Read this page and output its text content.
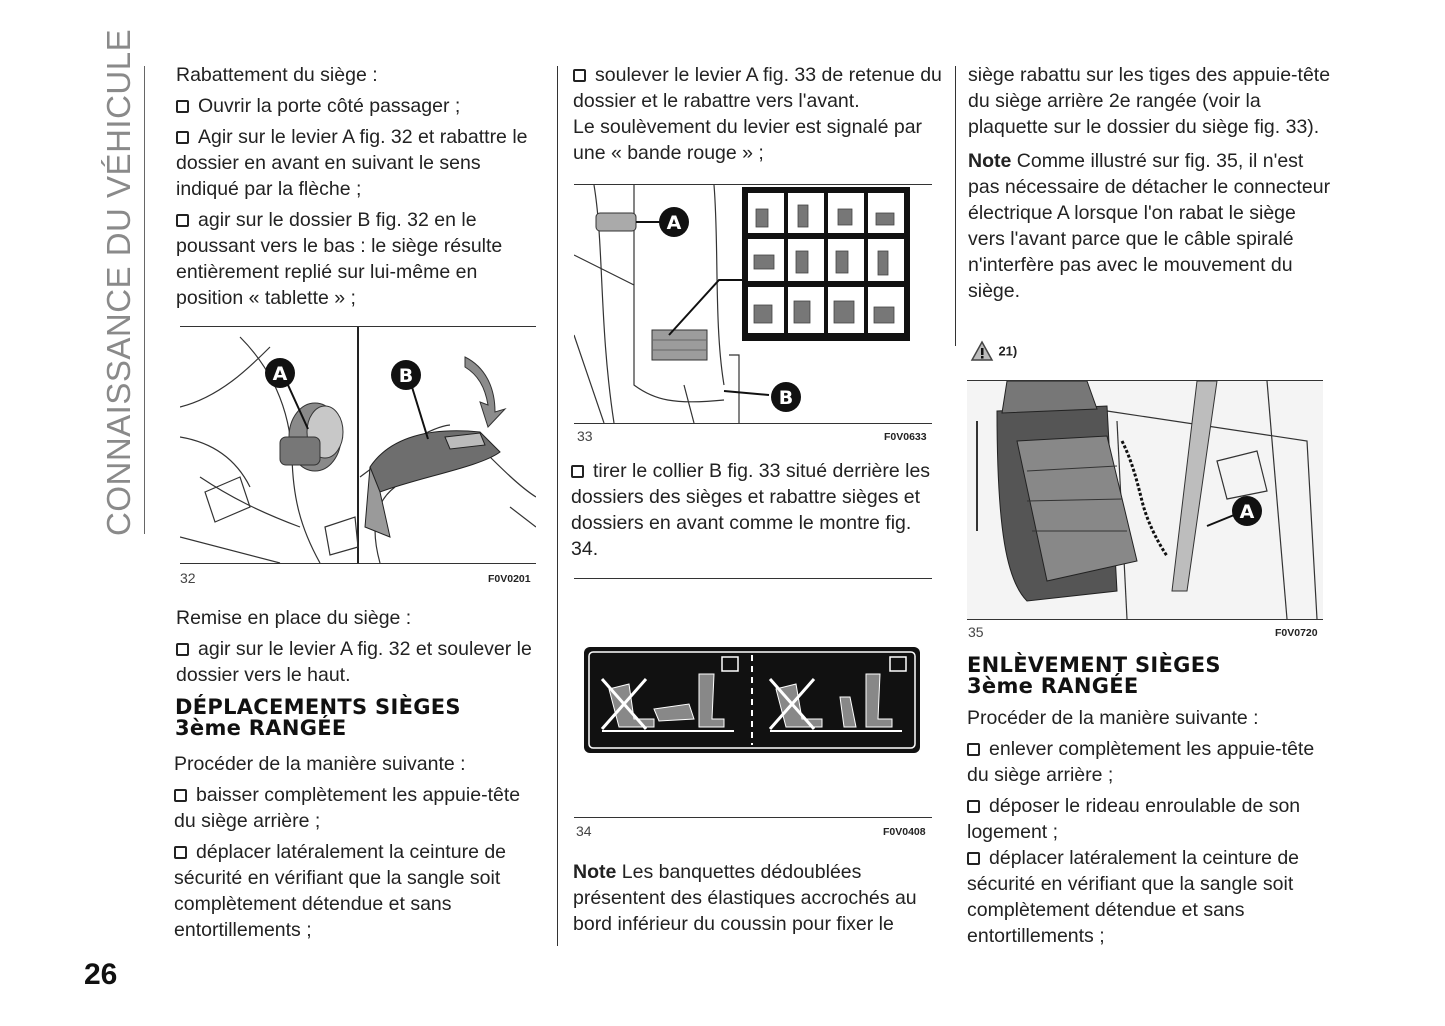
CONNAISSANCE DU VÉHICULE Rabattement du siège :

Ouvrir la porte côté passager ;

Agir sur le levier A fig. 32 et rabattre le dossier en avant en suivant le sens indiqué par la flèche ;

agir sur le dossier B fig. 32 en le poussant vers le bas : le siège résulte entièrement replié sur lui-même en position « tablette » ;

A	B
32	F0V0201

Remise en place du siège :

agir sur le levier A fig. 32 et soulever le dossier vers le haut.

DÉPLACEMENTS SIÈGES
3ème RANGÉE

Procéder de la manière suivante :

baisser complètement les appuie-tête du siège arrière ;

déplacer latéralement la ceinture de sécurité en vérifiant que la sangle soit complètement détendue et sans entortillements ;

soulever le levier A fig. 33 de retenue du dossier et le rabattre vers l'avant.

Le soulèvement du levier est signalé par une « bande rouge » ;

A
B
33	F0V0633

tirer le collier B fig. 33 situé derrière les dossiers des sièges et rabattre sièges et dossiers en avant comme le montre fig. 34.

34	F0V0408

Note Les banquettes dédoublées présentent des élastiques accrochés au bord inférieur du coussin pour fixer le

siège rabattu sur les tiges des appuie-tête du siège arrière 2e rangée (voir la plaquette sur le dossier du siège fig. 33).

Note Comme illustré sur fig. 35, il n'est pas nécessaire de détacher le connecteur électrique A lorsque l'on rabat le siège vers l'avant parce que le câble spiralé n'interfère pas avec le mouvement du siège.

21)
A
35	F0V0720
ENLÈVEMENT SIÈGES
3ème RANGÉE

Procéder de la manière suivante :

enlever complètement les appuie-tête du siège arrière ;

déposer le rideau enroulable de son logement ;

déplacer latéralement la ceinture de sécurité en vérifiant que la sangle soit complètement détendue et sans entortillements ;

26
